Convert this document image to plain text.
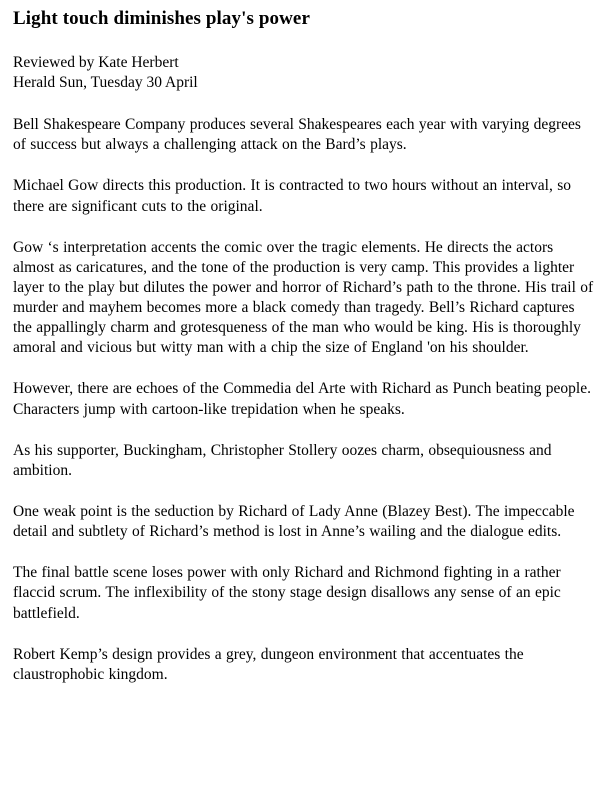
Light touch diminishes play's power

Reviewed by Kate Herbert

Herald Sun, Tuesday 30 April

Bell Shakespeare Company produces several Shakespeares each year with varying degrees of success but always a challenging attack on the Bard’s plays.

Michael Gow directs this production. It is contracted to two hours without an interval, so there are significant cuts to the original.

Gow ‘s interpretation accents the comic over the tragic elements. He directs the actors almost as caricatures, and the tone of the production is very camp. This provides a lighter layer to the play but dilutes the power and horror of Richard’s path to the throne. His trail of murder and mayhem becomes more a black comedy than tragedy. Bell’s Richard captures the appallingly charm and grotesqueness of the man who would be king. His is thoroughly amoral and vicious but witty man with a chip the size of England 'on his shoulder.

However, there are echoes of the Commedia del Arte with Richard as Punch beating people. Characters jump with cartoon-like trepidation when he speaks.

As his supporter, Buckingham, Christopher Stollery oozes charm, obsequiousness and ambition.

One weak point is the seduction by Richard of Lady Anne (Blazey Best). The impeccable detail and subtlety of Richard’s method is lost in Anne’s wailing and the dialogue edits.

The final battle scene loses power with only Richard and Richmond fighting in a rather flaccid scrum. The inflexibility of the stony stage design disallows any sense of an epic battlefield.

Robert Kemp’s design provides a grey, dungeon environment that accentuates the claustrophobic kingdom.
